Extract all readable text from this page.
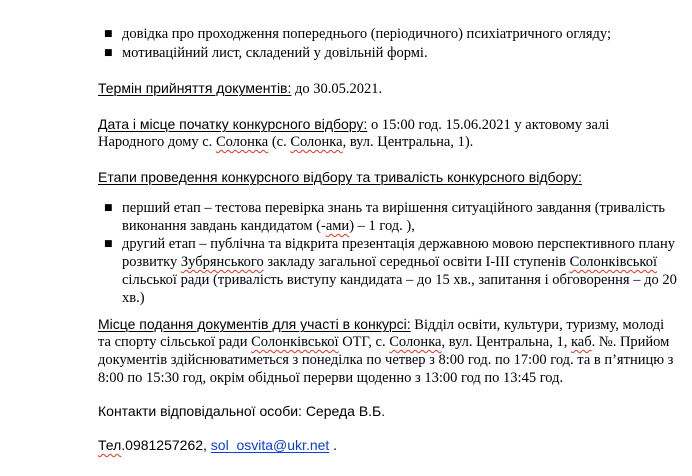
■ довідка про проходження попереднього (періодичного) психіатричного огляду;
■ мотиваційний лист, складений у довільній формі.
Термін прийняття документів: до 30.05.2021.
Дата і місце початку конкурсного відбору: о 15:00 год. 15.06.2021 у актовому залі
Народного дому с. Солонка (с. Солонка, вул. Центральна, 1).
Етапи проведення конкурсного відбору та тривалість конкурсного відбору:
■ перший етап – тестова перевірка знань та вирішення ситуаційного завдання (тривалість
виконання завдань кандидатом (-ами) – 1 год. ),
■ другий етап – публічна та відкрита презентація державною мовою перспективного плану
розвитку Зубрянського закладу загальної середньої освіти І-ІІІ ступенів Солонківської
сільської ради (тривалість виступу кандидата – до 15 хв., запитання і обговорення – до 20
хв.)
Місце подання документів для участі в конкурсі: Відділ освіти, культури, туризму, молоді
та спорту сільської ради Солонківської ОТГ, с. Солонка, вул. Центральна, 1, каб. №. Прийом
документів здійснюватиметься з понеділка по четвер з 8:00 год. по 17:00 год. та в п’ятницю з
8:00 по 15:30 год, окрім обідньої перерви щоденно з 13:00 год по 13:45 год.
Контакти відповідальної особи: Середа В.Б.
Тел.0981257262, sol_osvita@ukr.net .
